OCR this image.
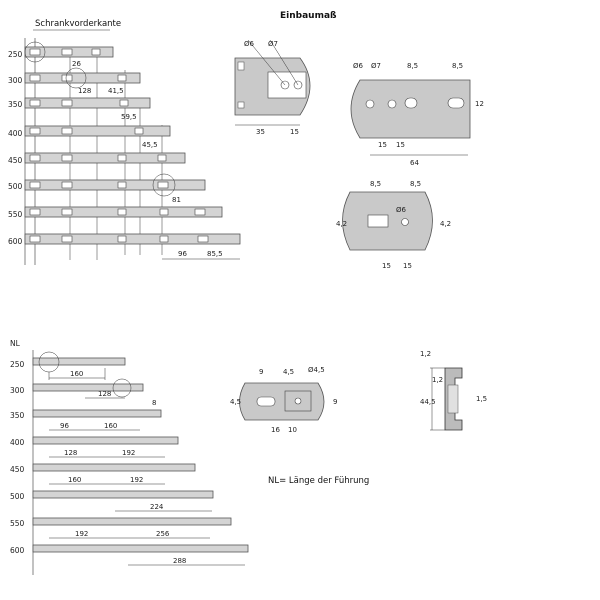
Einbaumaß
Schrankvorderkante
250
300
350
400
450
500
550
600
26
128 41,5
59,5
45,5
81
96	85,5
Ø6 Ø7
35	15
Ø6 Ø7	8,5	8,5
12
15 15
64
8,5	8,5
Ø6
4,2	4,2
15 15
NL
250
300
350
400
450
500
550
600
160
128
8
96	160
128	192
160	192
224
192	256
288
9	4,5 Ø4,5
4,5	9
16 10
NL= Länge der Führung
44,5
1,2
1,2
1,5
